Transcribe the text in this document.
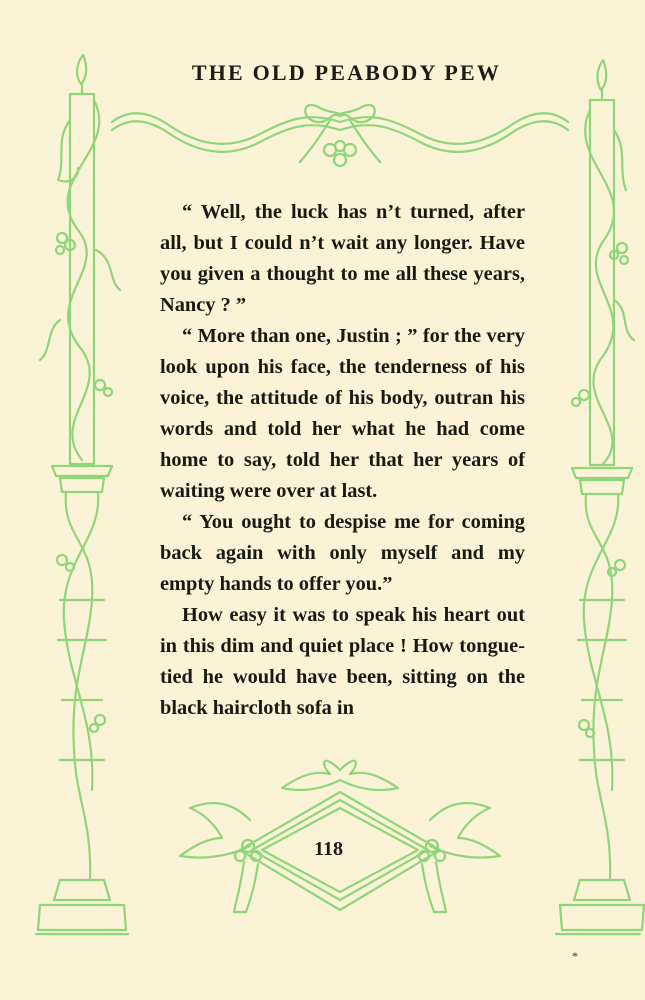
THE OLD PEABODY PEW

“ Well, the luck has n’t turned, after all, but I could n’t wait any longer. Have you given a thought to me all these years, Nancy ? ”

“ More than one, Justin ; ” for the very look upon his face, the tenderness of his voice, the attitude of his body, outran his words and told her what he had come home to say, told her that her years of waiting were over at last.

“ You ought to despise me for coming back again with only myself and my empty hands to offer you.”

How easy it was to speak his heart out in this dim and quiet place ! How tongue-tied he would have been, sitting on the black haircloth sofa in

118
*
